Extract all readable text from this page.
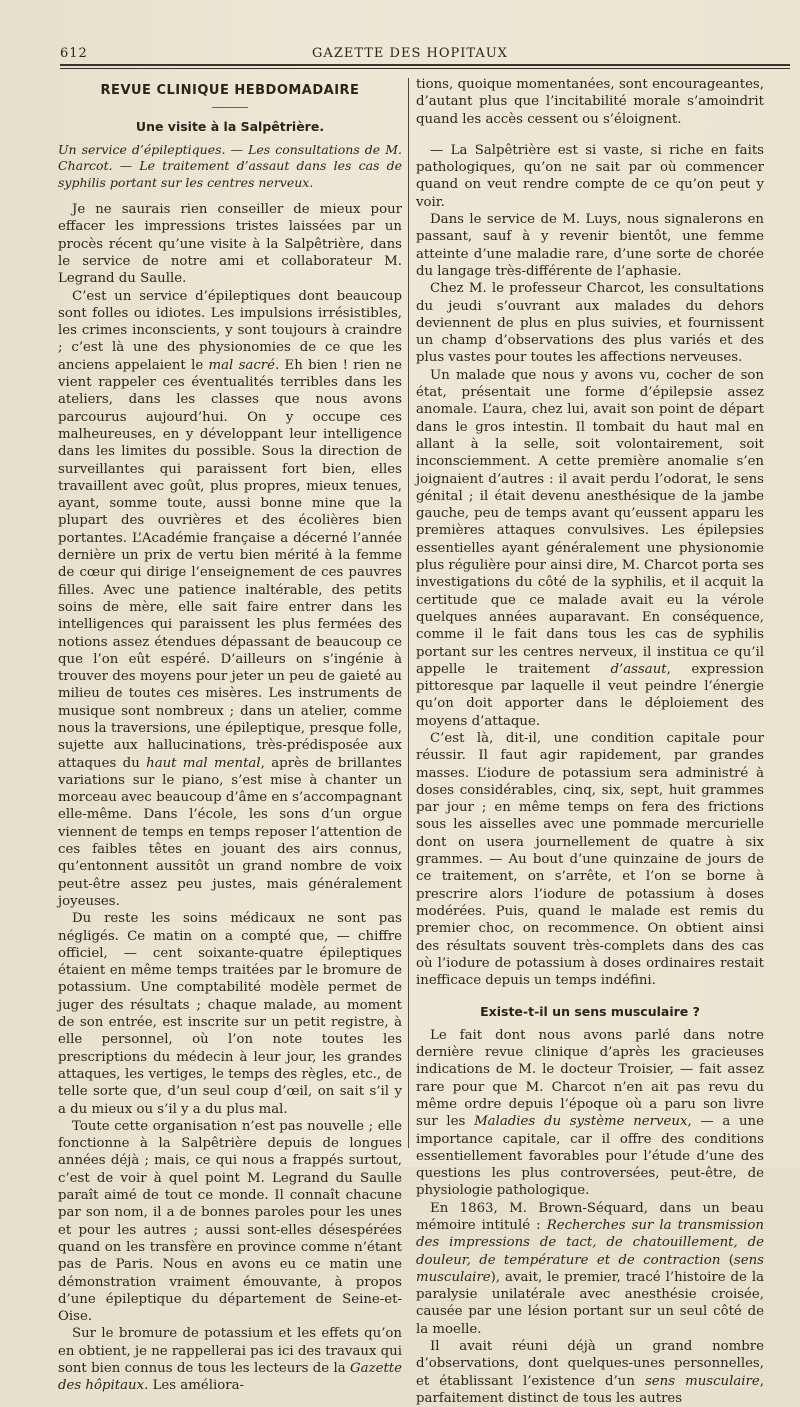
612	GAZETTE DES HOPITAUX
REVUE CLINIQUE HEBDOMADAIRE
Une visite à la Salpêtrière.

Un service d’épileptiques. — Les consultations de M. Charcot. — Le traitement d’assaut dans les cas de syphilis portant sur les centres nerveux.

Je ne saurais rien conseiller de mieux pour effacer les impressions tristes laissées par un procès récent qu’une visite à la Salpêtrière, dans le service de notre ami et collaborateur M. Legrand du Saulle.

C’est un service d’épileptiques dont beaucoup sont folles ou idiotes. Les impulsions irrésistibles, les crimes inconscients, y sont toujours à craindre ; c’est là une des physionomies de ce que les anciens appelaient le mal sacré. Eh bien ! rien ne vient rappeler ces éventualités terribles dans les ateliers, dans les classes que nous avons parcourus aujourd’hui. On y occupe ces malheureuses, en y développant leur intelligence dans les limites du possible. Sous la direction de surveillantes qui paraissent fort bien, elles travaillent avec goût, plus propres, mieux tenues, ayant, somme toute, aussi bonne mine que la plupart des ouvrières et des écolières bien portantes. L’Académie française a décerné l’année dernière un prix de vertu bien mérité à la femme de cœur qui dirige l’enseignement de ces pauvres filles. Avec une patience inaltérable, des petits soins de mère, elle sait faire entrer dans les intelligences qui paraissent les plus fermées des notions assez étendues dépassant de beaucoup ce que l’on eût espéré. D’ailleurs on s’ingénie à trouver des moyens pour jeter un peu de gaieté au milieu de toutes ces misères. Les instruments de musique sont nombreux ; dans un atelier, comme nous la traversions, une épileptique, presque folle, sujette aux hallucinations, très-prédisposée aux attaques du haut mal mental, après de brillantes variations sur le piano, s’est mise à chanter un morceau avec beaucoup d’âme en s’accompagnant elle-même. Dans l’école, les sons d’un orgue viennent de temps en temps reposer l’attention de ces faibles têtes en jouant des airs connus, qu’entonnent aussitôt un grand nombre de voix peut-être assez peu justes, mais généralement joyeuses.

Du reste les soins médicaux ne sont pas négligés. Ce matin on a compté que, — chiffre officiel, — cent soixante-quatre épileptiques étaient en même temps traitées par le bromure de potassium. Une comptabilité modèle permet de juger des résultats ; chaque malade, au moment de son entrée, est inscrite sur un petit registre, à elle personnel, où l’on note toutes les prescriptions du médecin à leur jour, les grandes attaques, les vertiges, le temps des règles, etc., de telle sorte que, d’un seul coup d’œil, on sait s’il y a du mieux ou s’il y a du plus mal.

Toute cette organisation n’est pas nouvelle ; elle fonctionne à la Salpêtrière depuis de longues années déjà ; mais, ce qui nous a frappés surtout, c’est de voir à quel point M. Legrand du Saulle paraît aimé de tout ce monde. Il connaît chacune par son nom, il a de bonnes paroles pour les unes et pour les autres ; aussi sont-elles désespérées quand on les transfère en province comme n’étant pas de Paris. Nous en avons eu ce matin une démonstration vraiment émouvante, à propos d’une épileptique du département de Seine-et-Oise.

Sur le bromure de potassium et les effets qu’on en obtient, je ne rappellerai pas ici des travaux qui sont bien connus de tous les lecteurs de la Gazette des hôpitaux. Les améliora-

tions, quoique momentanées, sont encourageantes, d’autant plus que l’incitabilité morale s’amoindrit quand les accès cessent ou s’éloignent.

— La Salpêtrière est si vaste, si riche en faits pathologiques, qu’on ne sait par où commencer quand on veut rendre compte de ce qu’on peut y voir.

Dans le service de M. Luys, nous signalerons en passant, sauf à y revenir bientôt, une femme atteinte d’une maladie rare, d’une sorte de chorée du langage très-différente de l’aphasie.

Chez M. le professeur Charcot, les consultations du jeudi s’ouvrant aux malades du dehors deviennent de plus en plus suivies, et fournissent un champ d’observations des plus variés et des plus vastes pour toutes les affections nerveuses.

Un malade que nous y avons vu, cocher de son état, présentait une forme d’épilepsie assez anomale. L’aura, chez lui, avait son point de départ dans le gros intestin. Il tombait du haut mal en allant à la selle, soit volontairement, soit inconsciemment. A cette première anomalie s’en joignaient d’autres : il avait perdu l’odorat, le sens génital ; il était devenu anesthésique de la jambe gauche, peu de temps avant qu’eussent apparu les premières attaques convulsives. Les épilepsies essentielles ayant généralement une physionomie plus régulière pour ainsi dire, M. Charcot porta ses investigations du côté de la syphilis, et il acquit la certitude que ce malade avait eu la vérole quelques années auparavant. En conséquence, comme il le fait dans tous les cas de syphilis portant sur les centres nerveux, il institua ce qu’il appelle le traitement d’assaut, expression pittoresque par laquelle il veut peindre l’énergie qu’on doit apporter dans le déploiement des moyens d’attaque.

C’est là, dit-il, une condition capitale pour réussir. Il faut agir rapidement, par grandes masses. L’iodure de potassium sera administré à doses considérables, cinq, six, sept, huit grammes par jour ; en même temps on fera des frictions sous les aisselles avec une pommade mercurielle dont on usera journellement de quatre à six grammes. — Au bout d’une quinzaine de jours de ce traitement, on s’arrête, et l’on se borne à prescrire alors l’iodure de potassium à doses modérées. Puis, quand le malade est remis du premier choc, on recommence. On obtient ainsi des résultats souvent très-complets dans des cas où l’iodure de potassium à doses ordinaires restait inefficace depuis un temps indéfini.

Existe-t-il un sens musculaire ?

Le fait dont nous avons parlé dans notre dernière revue clinique d’après les gracieuses indications de M. le docteur Troisier, — fait assez rare pour que M. Charcot n’en ait pas revu du même ordre depuis l’époque où a paru son livre sur les Maladies du système nerveux, — a une importance capitale, car il offre des conditions essentiellement favorables pour l’étude d’une des questions les plus controversées, peut-être, de physiologie pathologique.

En 1863, M. Brown-Séquard, dans un beau mémoire intitulé : Recherches sur la transmission des impressions de tact, de chatouillement, de douleur, de température et de contraction (sens musculaire), avait, le premier, tracé l’histoire de la paralysie unilatérale avec anesthésie croisée, causée par une lésion portant sur un seul côté de la moelle.

Il avait réuni déjà un grand nombre d’observations, dont quelques-unes personnelles, et établissant l’existence d’un sens musculaire, parfaitement distinct de tous les autres
